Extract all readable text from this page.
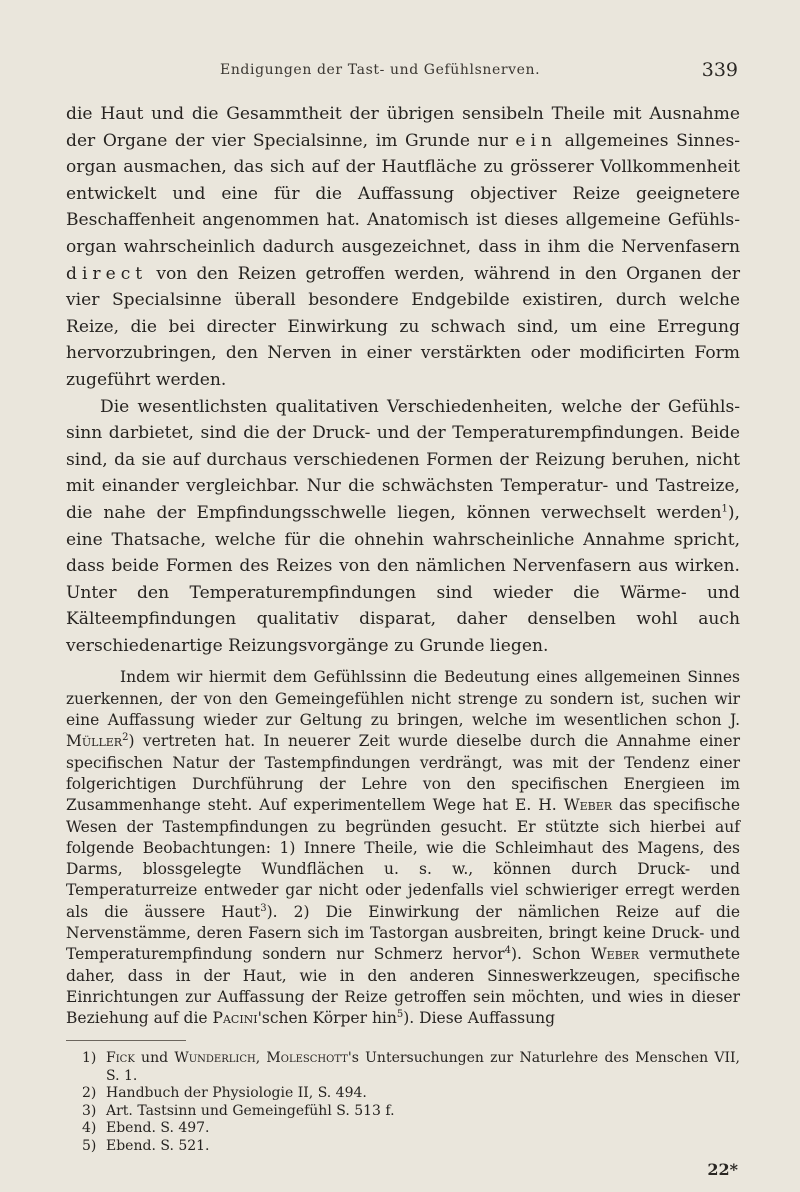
Endigungen der Tast- und Gefühlsnerven.	339

die Haut und die Gesammtheit der übrigen sensibeln Theile mit Ausnahme der Organe der vier Specialsinne, im Grunde nur ein allgemeines Sinnesorgan ausmachen, das sich auf der Hautfläche zu grösserer Vollkommenheit entwickelt und eine für die Auffassung objectiver Reize geeignetere Beschaffenheit angenommen hat. Anatomisch ist dieses allgemeine Gefühlsorgan wahrscheinlich dadurch ausgezeichnet, dass in ihm die Nervenfasern direct von den Reizen getroffen werden, während in den Organen der vier Specialsinne überall besondere Endgebilde existiren, durch welche Reize, die bei directer Einwirkung zu schwach sind, um eine Erregung hervorzubringen, den Nerven in einer verstärkten oder modificirten Form zugeführt werden.

Die wesentlichsten qualitativen Verschiedenheiten, welche der Gefühlssinn darbietet, sind die der Druck- und der Temperaturempfindungen. Beide sind, da sie auf durchaus verschiedenen Formen der Reizung beruhen, nicht mit einander vergleichbar. Nur die schwächsten Temperatur- und Tastreize, die nahe der Empfindungsschwelle liegen, können verwechselt werden$^1$), eine Thatsache, welche für die ohnehin wahrscheinliche Annahme spricht, dass beide Formen des Reizes von den nämlichen Nervenfasern aus wirken. Unter den Temperaturempfindungen sind wieder die Wärme- und Kälteempfindungen qualitativ disparat, daher denselben wohl auch verschiedenartige Reizungsvorgänge zu Grunde liegen.

Indem wir hiermit dem Gefühlssinn die Bedeutung eines allgemeinen Sinnes zuerkennen, der von den Gemeingefühlen nicht strenge zu sondern ist, suchen wir eine Auffassung wieder zur Geltung zu bringen, welche im wesentlichen schon J. Müller$^2$) vertreten hat. In neuerer Zeit wurde dieselbe durch die Annahme einer specifischen Natur der Tastempfindungen verdrängt, was mit der Tendenz einer folgerichtigen Durchführung der Lehre von den specifischen Energieen im Zusammenhange steht. Auf experimentellem Wege hat E. H. Weber das specifische Wesen der Tastempfindungen zu begründen gesucht. Er stützte sich hierbei auf folgende Beobachtungen: 1) Innere Theile, wie die Schleimhaut des Magens, des Darms, blossgelegte Wundflächen u. s. w., können durch Druck- und Temperaturreize entweder gar nicht oder jedenfalls viel schwieriger erregt werden als die äussere Haut$^3$). 2) Die Einwirkung der nämlichen Reize auf die Nervenstämme, deren Fasern sich im Tastorgan ausbreiten, bringt keine Druck- und Temperaturempfindung sondern nur Schmerz hervor$^4$). Schon Weber vermuthete daher, dass in der Haut, wie in den anderen Sinneswerkzeugen, specifische Einrichtungen zur Auffassung der Reize getroffen sein möchten, und wies in dieser Beziehung auf die Pacini'schen Körper hin$^5$). Diese Auffassung

1) Fick und Wunderlich, Moleschott's Untersuchungen zur Naturlehre des Menschen VII, S. 1.

2) Handbuch der Physiologie II, S. 494.

3) Art. Tastsinn und Gemeingefühl S. 513 f.

4) Ebend. S. 497.

5) Ebend. S. 521.

22*
